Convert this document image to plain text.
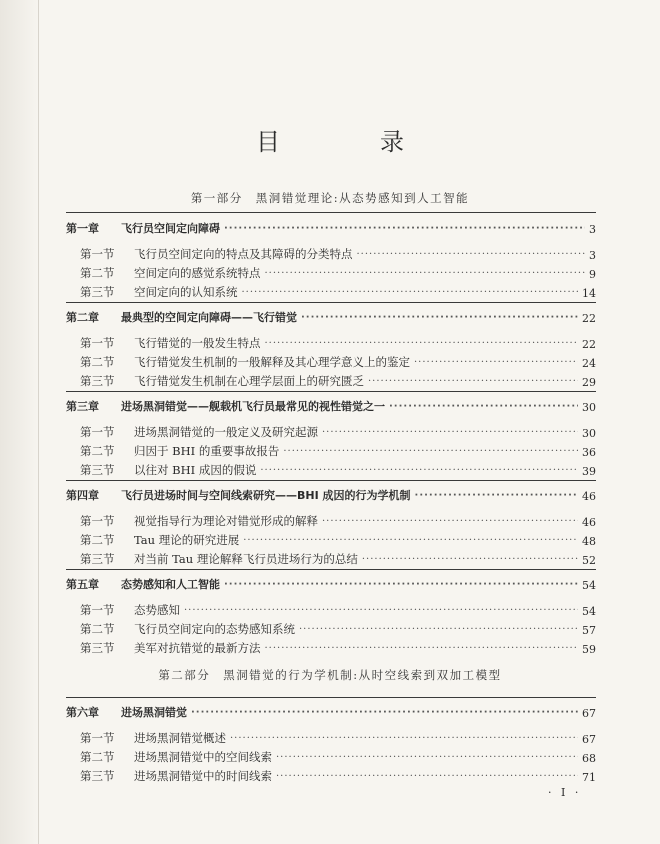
目　录
第一部分　黑洞错觉理论:从态势感知到人工智能
第一章	飞行员空间定向障碍 ·····	3
第一节	飞行员空间定向的特点及其障碍的分类特点 ·····	3
第二节	空间定向的感觉系统特点 ·····	9
第三节	空间定向的认知系统 ·····	14
第二章	最典型的空间定向障碍——飞行错觉 ·····	22
第一节	飞行错觉的一般发生特点 ·····	22
第二节	飞行错觉发生机制的一般解释及其心理学意义上的鉴定 ·····	24
第三节	飞行错觉发生机制在心理学层面上的研究匮乏 ·····	29
第三章	进场黑洞错觉——舰载机飞行员最常见的视性错觉之一 ·····	30
第一节	进场黑洞错觉的一般定义及研究起源 ·····	30
第二节	归因于 BHI 的重要事故报告 ·····	36
第三节	以往对 BHI 成因的假说 ·····	39
第四章	飞行员进场时间与空间线索研究——BHI 成因的行为学机制 ·····	46
第一节	视觉指导行为理论对错觉形成的解释 ·····	46
第二节	Tau 理论的研究进展 ·····	48
第三节	对当前 Tau 理论解释飞行员进场行为的总结 ·····	52
第五章	态势感知和人工智能 ·····	54
第一节	态势感知 ·····	54
第二节	飞行员空间定向的态势感知系统 ·····	57
第三节	美军对抗错觉的最新方法 ·····	59
第二部分　黑洞错觉的行为学机制:从时空线索到双加工模型
第六章	进场黑洞错觉 ·····	67
第一节	进场黑洞错觉概述 ·····	67
第二节	进场黑洞错觉中的空间线索 ·····	68
第三节	进场黑洞错觉中的时间线索 ·····	71
· I ·
